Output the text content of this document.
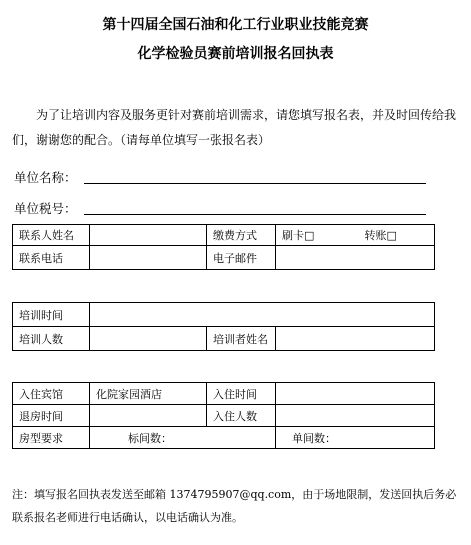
第十四届全国石油和化工行业职业技能竞赛
化学检验员赛前培训报名回执表

为了让培训内容及服务更针对赛前培训需求，请您填写报名表，并及时回传给我们，谢谢您的配合。（请每单位填写一张报名表）

单位名称：
单位税号：
联系人姓名		缴费方式	刷卡□	转账□
联系电话		电子邮件		
培训时间			
培训人数		培训者姓名	
入住宾馆	化院家园酒店	入住时间	
退房时间		入住人数	
房型要求	标间数：		单间数：

注：填写报名回执表发送至邮箱 1374795907@qq.com，由于场地限制，发送回执后务必联系报名老师进行电话确认，以电话确认为准。
